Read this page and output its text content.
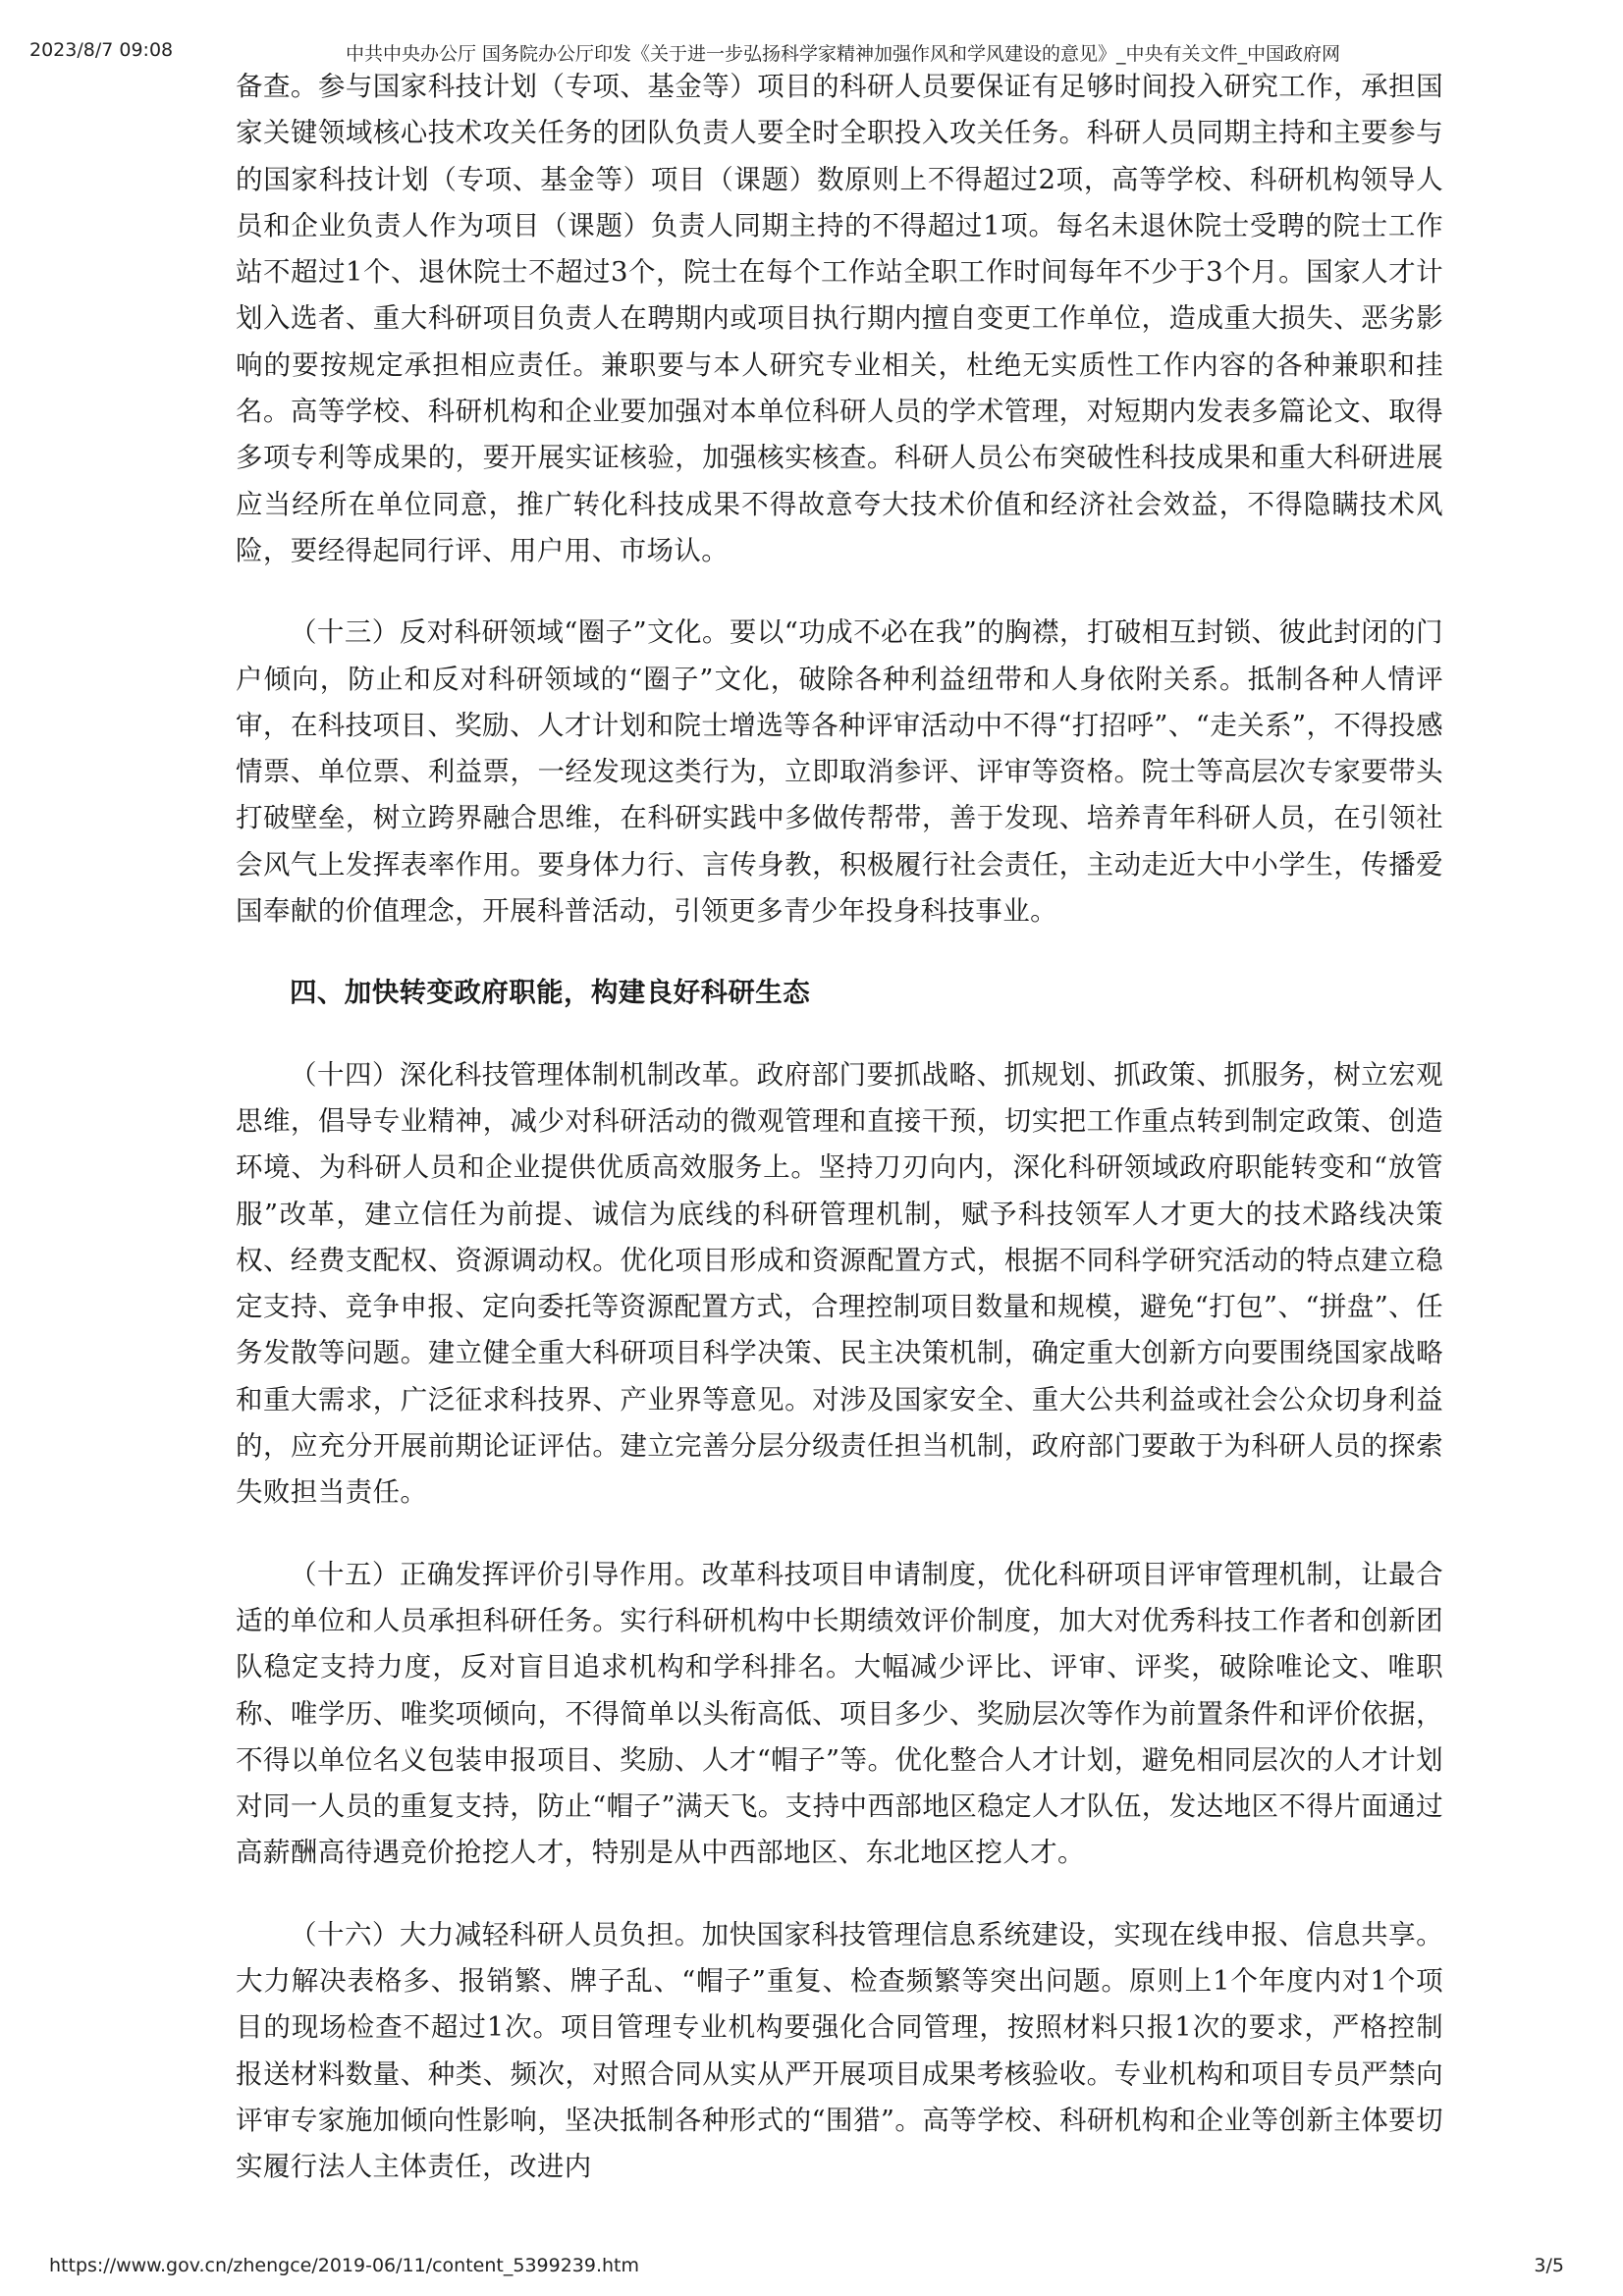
2023/8/7 09:08	中共中央办公厅 国务院办公厅印发《关于进一步弘扬科学家精神加强作风和学风建设的意见》_中央有关文件_中国政府网

备查。参与国家科技计划（专项、基金等）项目的科研人员要保证有足够时间投入研究工作，承担国家关键领域核心技术攻关任务的团队负责人要全时全职投入攻关任务。科研人员同期主持和主要参与的国家科技计划（专项、基金等）项目（课题）数原则上不得超过2项，高等学校、科研机构领导人员和企业负责人作为项目（课题）负责人同期主持的不得超过1项。每名未退休院士受聘的院士工作站不超过1个、退休院士不超过3个，院士在每个工作站全职工作时间每年不少于3个月。国家人才计划入选者、重大科研项目负责人在聘期内或项目执行期内擅自变更工作单位，造成重大损失、恶劣影响的要按规定承担相应责任。兼职要与本人研究专业相关，杜绝无实质性工作内容的各种兼职和挂名。高等学校、科研机构和企业要加强对本单位科研人员的学术管理，对短期内发表多篇论文、取得多项专利等成果的，要开展实证核验，加强核实核查。科研人员公布突破性科技成果和重大科研进展应当经所在单位同意，推广转化科技成果不得故意夸大技术价值和经济社会效益，不得隐瞒技术风险，要经得起同行评、用户用、市场认。

（十三）反对科研领域“圈子”文化。要以“功成不必在我”的胸襟，打破相互封锁、彼此封闭的门户倾向，防止和反对科研领域的“圈子”文化，破除各种利益纽带和人身依附关系。抵制各种人情评审，在科技项目、奖励、人才计划和院士增选等各种评审活动中不得“打招呼”、“走关系”，不得投感情票、单位票、利益票，一经发现这类行为，立即取消参评、评审等资格。院士等高层次专家要带头打破壁垒，树立跨界融合思维，在科研实践中多做传帮带，善于发现、培养青年科研人员，在引领社会风气上发挥表率作用。要身体力行、言传身教，积极履行社会责任，主动走近大中小学生，传播爱国奉献的价值理念，开展科普活动，引领更多青少年投身科技事业。

四、加快转变政府职能，构建良好科研生态

（十四）深化科技管理体制机制改革。政府部门要抓战略、抓规划、抓政策、抓服务，树立宏观思维，倡导专业精神，减少对科研活动的微观管理和直接干预，切实把工作重点转到制定政策、创造环境、为科研人员和企业提供优质高效服务上。坚持刀刃向内，深化科研领域政府职能转变和“放管服”改革，建立信任为前提、诚信为底线的科研管理机制，赋予科技领军人才更大的技术路线决策权、经费支配权、资源调动权。优化项目形成和资源配置方式，根据不同科学研究活动的特点建立稳定支持、竞争申报、定向委托等资源配置方式，合理控制项目数量和规模，避免“打包”、“拼盘”、任务发散等问题。建立健全重大科研项目科学决策、民主决策机制，确定重大创新方向要围绕国家战略和重大需求，广泛征求科技界、产业界等意见。对涉及国家安全、重大公共利益或社会公众切身利益的，应充分开展前期论证评估。建立完善分层分级责任担当机制，政府部门要敢于为科研人员的探索失败担当责任。

（十五）正确发挥评价引导作用。改革科技项目申请制度，优化科研项目评审管理机制，让最合适的单位和人员承担科研任务。实行科研机构中长期绩效评价制度，加大对优秀科技工作者和创新团队稳定支持力度，反对盲目追求机构和学科排名。大幅减少评比、评审、评奖，破除唯论文、唯职称、唯学历、唯奖项倾向，不得简单以头衔高低、项目多少、奖励层次等作为前置条件和评价依据，不得以单位名义包装申报项目、奖励、人才“帽子”等。优化整合人才计划，避免相同层次的人才计划对同一人员的重复支持，防止“帽子”满天飞。支持中西部地区稳定人才队伍，发达地区不得片面通过高薪酬高待遇竞价抢挖人才，特别是从中西部地区、东北地区挖人才。

（十六）大力减轻科研人员负担。加快国家科技管理信息系统建设，实现在线申报、信息共享。大力解决表格多、报销繁、牌子乱、“帽子”重复、检查频繁等突出问题。原则上1个年度内对1个项目的现场检查不超过1次。项目管理专业机构要强化合同管理，按照材料只报1次的要求，严格控制报送材料数量、种类、频次，对照合同从实从严开展项目成果考核验收。专业机构和项目专员严禁向评审专家施加倾向性影响，坚决抵制各种形式的“围猎”。高等学校、科研机构和企业等创新主体要切实履行法人主体责任，改进内

https://www.gov.cn/zhengce/2019-06/11/content_5399239.htm	3/5
